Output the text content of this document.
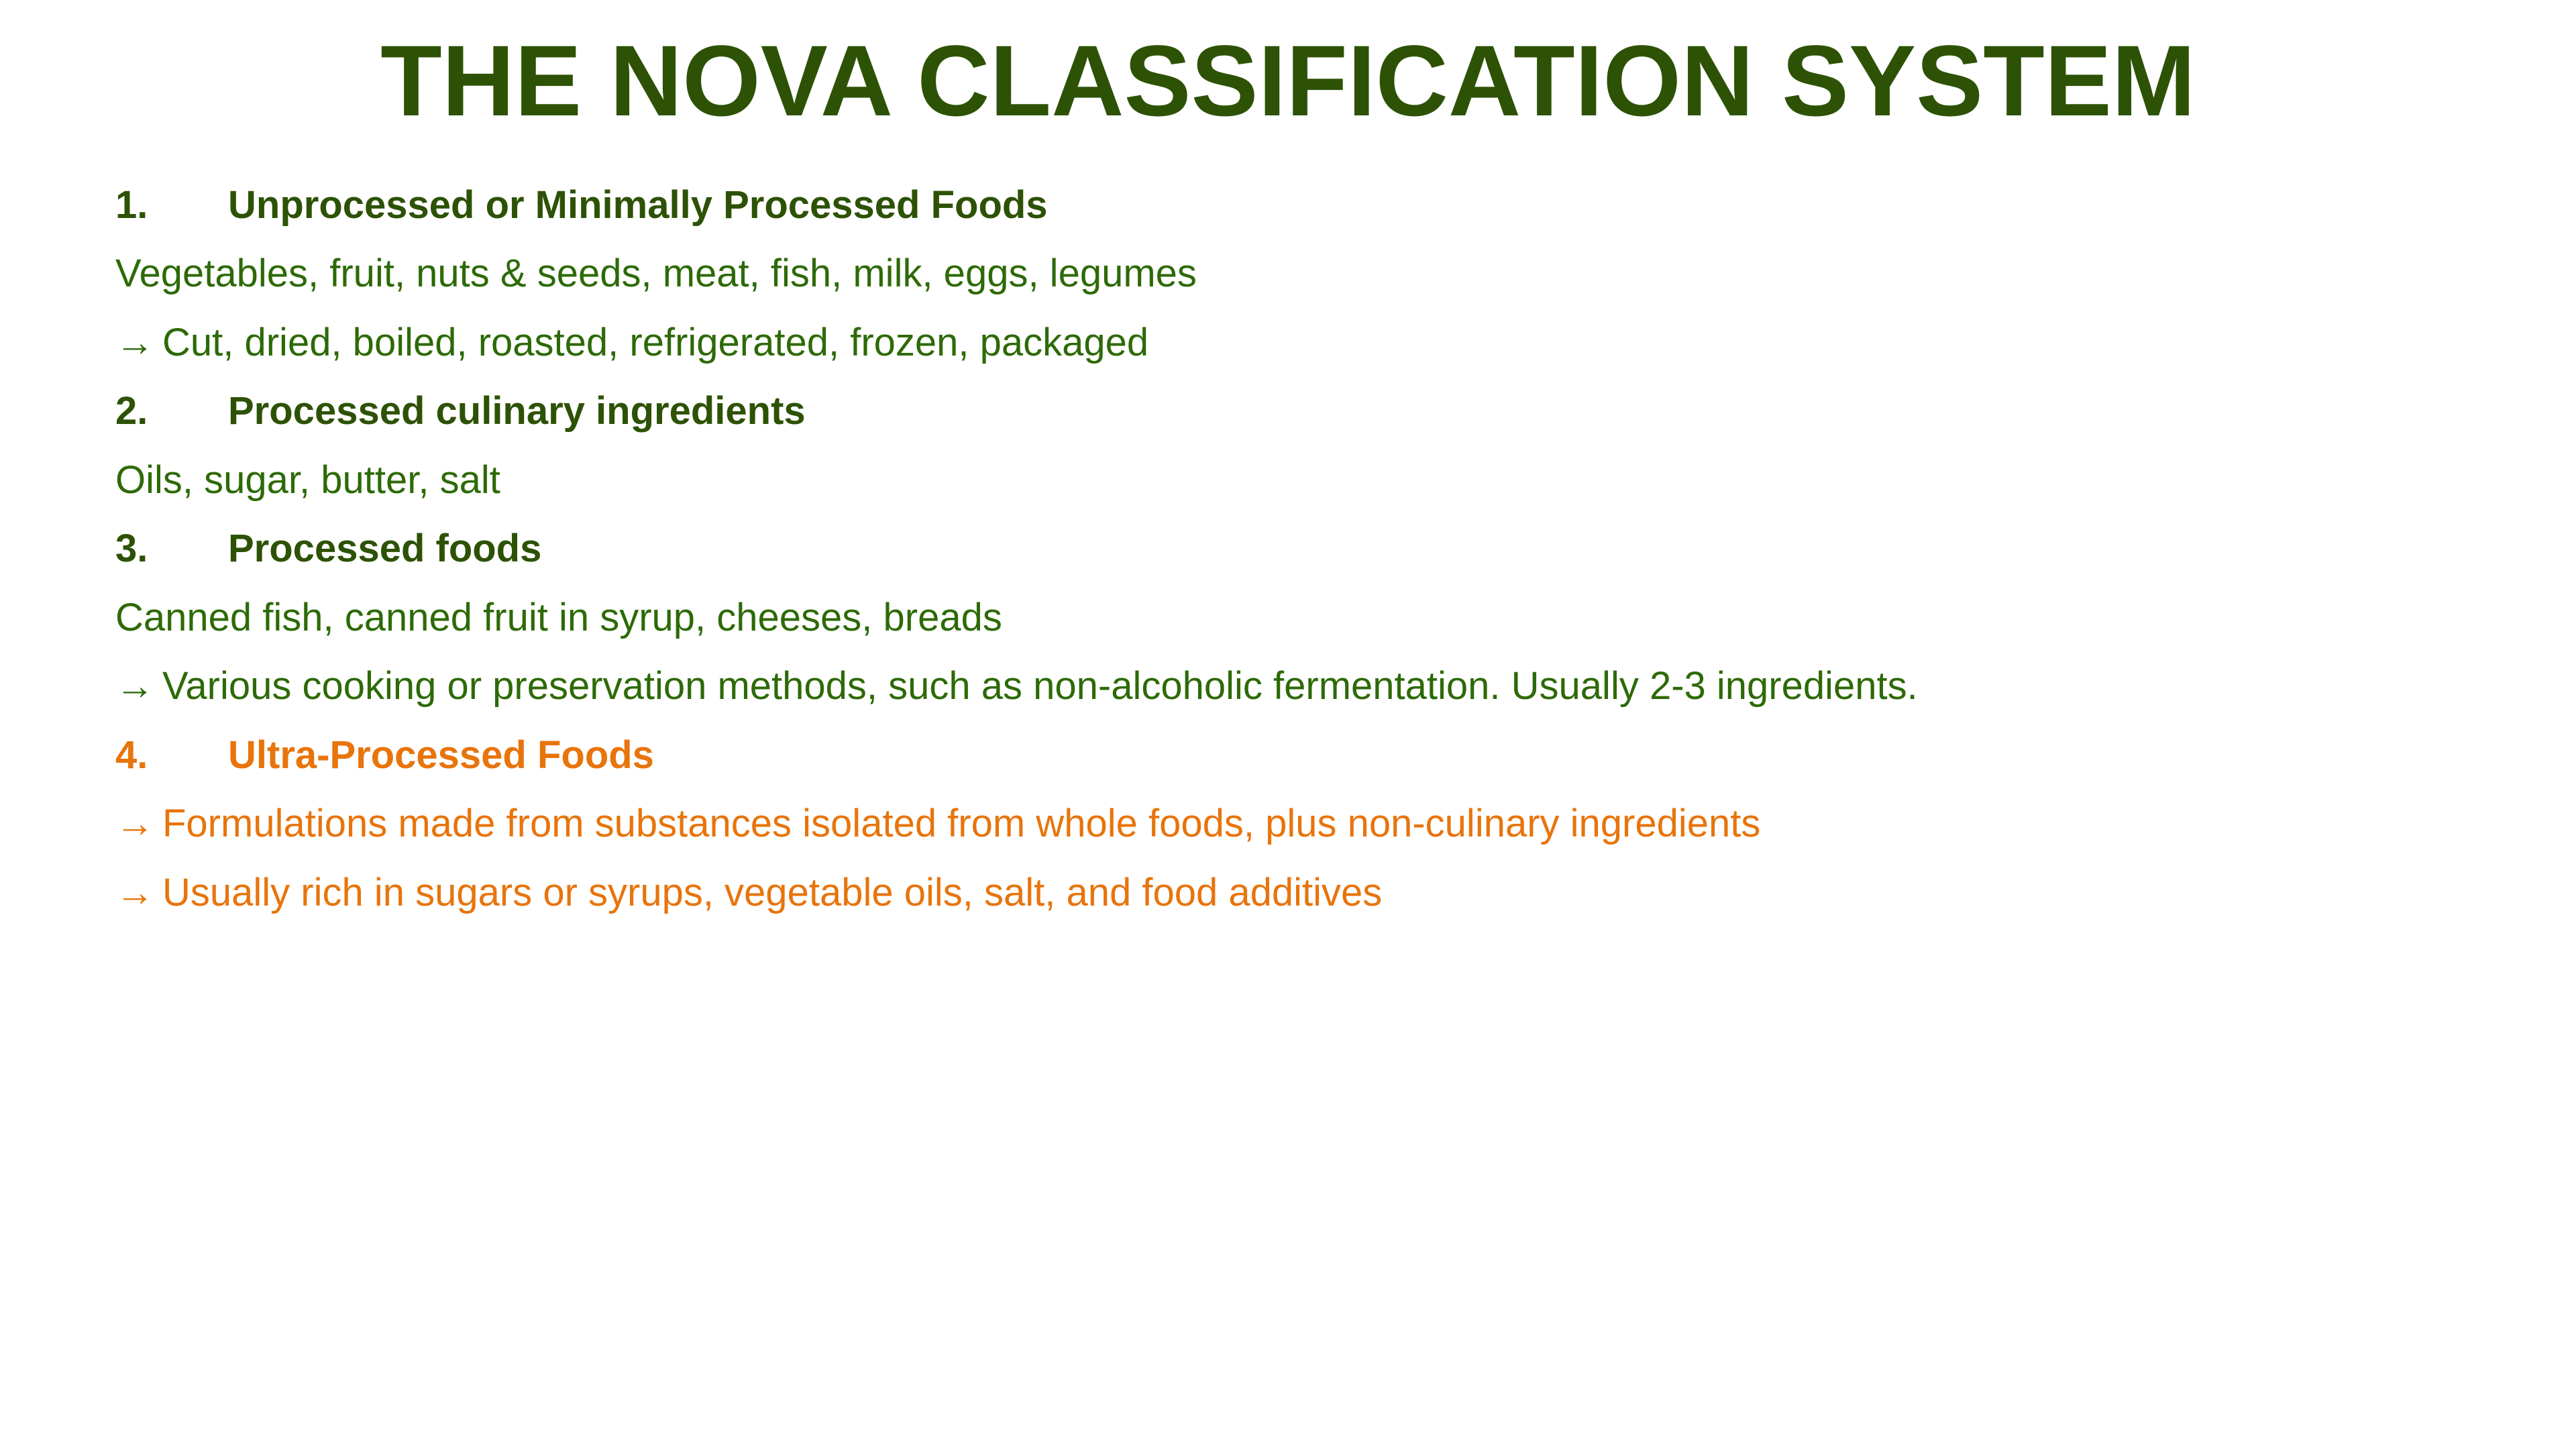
THE NOVA CLASSIFICATION SYSTEM
1.	Unprocessed or Minimally Processed Foods

Vegetables, fruit, nuts & seeds, meat, fish, milk, eggs, legumes

→ Cut, dried, boiled, roasted, refrigerated, frozen, packaged

2.	Processed culinary ingredients

Oils, sugar, butter, salt

3.	Processed foods

Canned fish, canned fruit in syrup, cheeses, breads

→ Various cooking or preservation methods, such as non-alcoholic fermentation. Usually 2-3 ingredients.

4.	Ultra-Processed Foods

→ Formulations made from substances isolated from whole foods, plus non-culinary ingredients

→ Usually rich in sugars or syrups, vegetable oils, salt, and food additives
